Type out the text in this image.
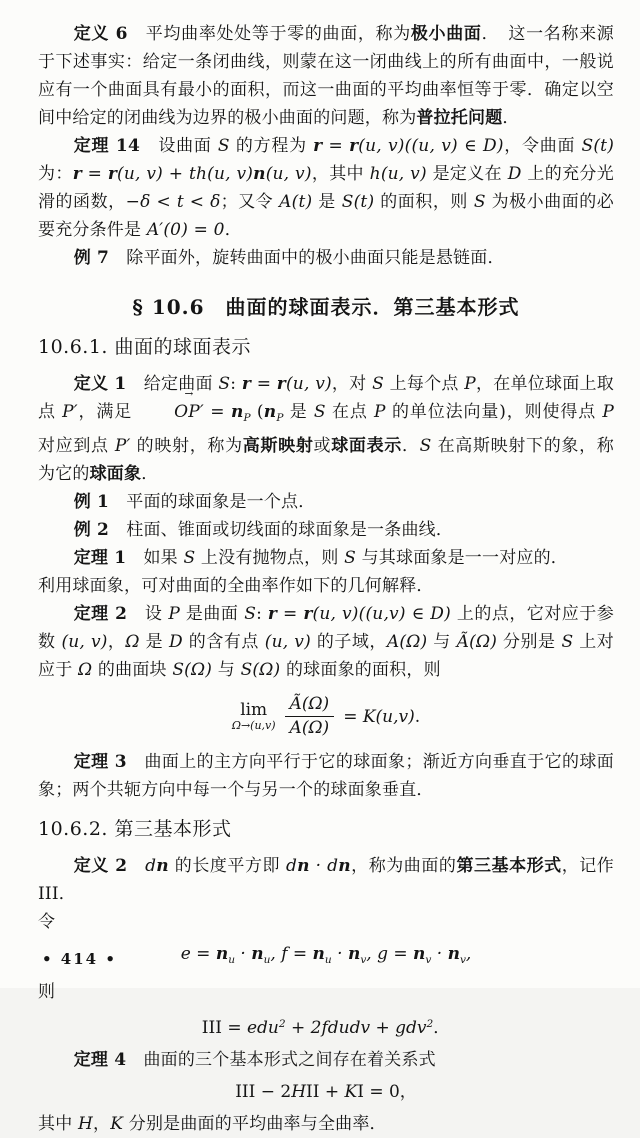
定义 6　平均曲率处处等于零的曲面，称为极小曲面．　这一名称来源于下述事实：给定一条闭曲线，则蒙在这一闭曲线上的所有曲面中，一般说应有一个曲面具有最小的面积，而这一曲面的平均曲率恒等于零．确定以空间中给定的闭曲线为边界的极小曲面的问题，称为普拉托问题．
定理 14　设曲面 S 的方程为 r = r(u, v)((u, v) ∈ D)，令曲面 S(t) 为：r = r(u, v) + th(u, v)n(u, v)，其中 h(u, v) 是定义在 D 上的充分光滑的函数，−δ < t < δ；又令 A(t) 是 S(t) 的面积，则 S 为极小曲面的必要充分条件是 A′(0) = 0．
例 7　除平面外，旋转曲面中的极小曲面只能是悬链面．
§ 10.6　曲面的球面表示．第三基本形式
10.6.1. 曲面的球面表示
定义 1　给定曲面 S: r = r(u, v)，对 S 上每个点 P，在单位球面上取点 P′，满足 → $OP' = n_P$ ($n_P$ 是 S 在点 P 的单位法向量)，则使得点 P 对应到点 P′ 的映射，称为高斯映射或球面表示．S 在高斯映射下的象，称为它的球面象．
例 1　平面的球面象是一个点．
例 2　柱面、锥面或切线面的球面象是一条曲线．
定理 1　如果 S 上没有抛物点，则 S 与其球面象是一一对应的．
利用球面象，可对曲面的全曲率作如下的几何解释．
定理 2　设 P 是曲面 S: r = r(u, v)((u,v) ∈ D) 上的点，它对应于参数 (u, v)，Ω 是 D 的含有点 (u, v) 的子域，A(Ω) 与 Ã(Ω) 分别是 S 上对应于 Ω 的曲面块 S(Ω) 与 S(Ω) 的球面象的面积，则
lim
$\Omega\to(u,v) \frac{Ã(\Omega)}{A(\Omega)} = K(u,v)$.
定理 3　曲面上的主方向平行于它的球面象；渐近方向垂直于它的球面象；两个共轭方向中每一个与另一个的球面象垂直．
10.6.2. 第三基本形式
定义 2　 dn 的长度平方即 dn · dn，称为曲面的第三基本形式，记作 III．
令
$e = n_u \cdot n_u$, $f = n_u \cdot n_v$, $g = n_v \cdot n_v$,
则
III = edu$^2$ + 2fdudv + gdv$^2$．
定理 4　曲面的三个基本形式之间存在着关系式
III − 2HII + KI = 0，
其中 H，K 分别是曲面的平均曲率与全曲率．
• 414 •
